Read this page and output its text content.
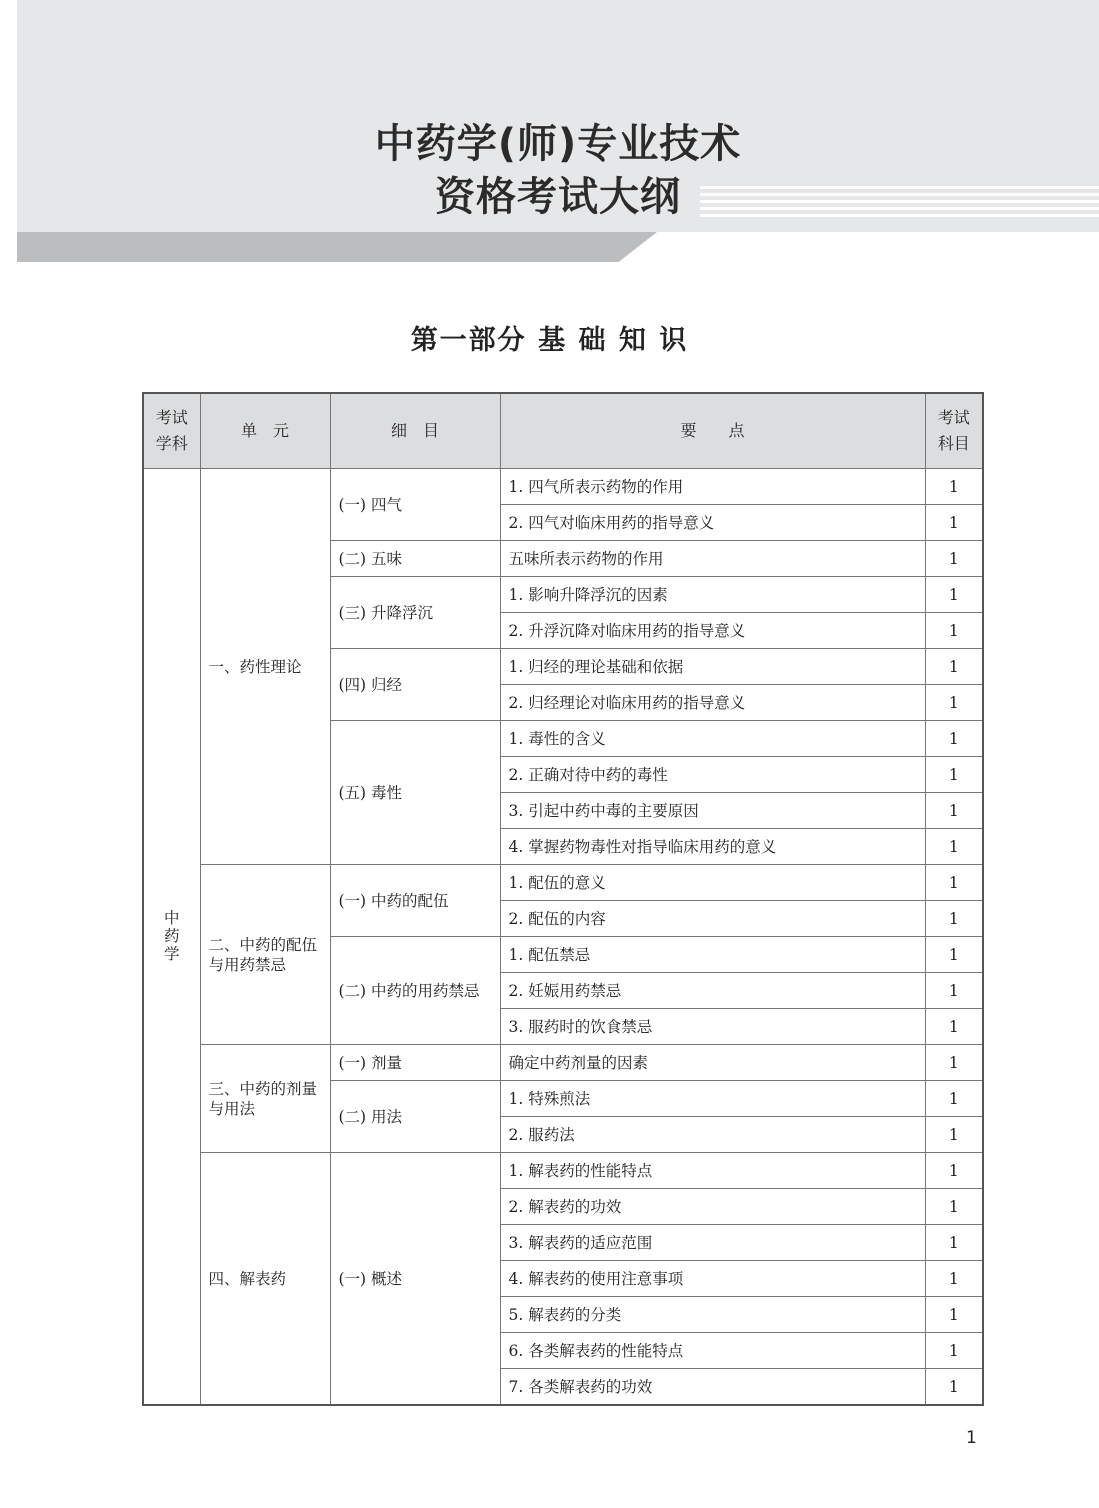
中药学(师)专业技术
资格考试大纲
第一部分 基 础 知 识
考试学科	单　元	细　目	要　　点	考试科目
中药学	一、药性理论	(一) 四气	1. 四气所表示药物的作用	1
			2. 四气对临床用药的指导意义	1
		(二) 五味	五味所表示药物的作用	1
		(三) 升降浮沉	1. 影响升降浮沉的因素	1
			2. 升浮沉降对临床用药的指导意义	1
		(四) 归经	1. 归经的理论基础和依据	1
			2. 归经理论对临床用药的指导意义	1
		(五) 毒性	1. 毒性的含义	1
			2. 正确对待中药的毒性	1
			3. 引起中药中毒的主要原因	1
			4. 掌握药物毒性对指导临床用药的意义	1
	二、中药的配伍与用药禁忌	(一) 中药的配伍	1. 配伍的意义	1
			2. 配伍的内容	1
		(二) 中药的用药禁忌	1. 配伍禁忌	1
			2. 妊娠用药禁忌	1
			3. 服药时的饮食禁忌	1
	三、中药的剂量与用法	(一) 剂量	确定中药剂量的因素	1
		(二) 用法	1. 特殊煎法	1
			2. 服药法	1
	四、解表药	(一) 概述	1. 解表药的性能特点	1
			2. 解表药的功效	1
			3. 解表药的适应范围	1
			4. 解表药的使用注意事项	1
			5. 解表药的分类	1
			6. 各类解表药的性能特点	1
			7. 各类解表药的功效	1
1
